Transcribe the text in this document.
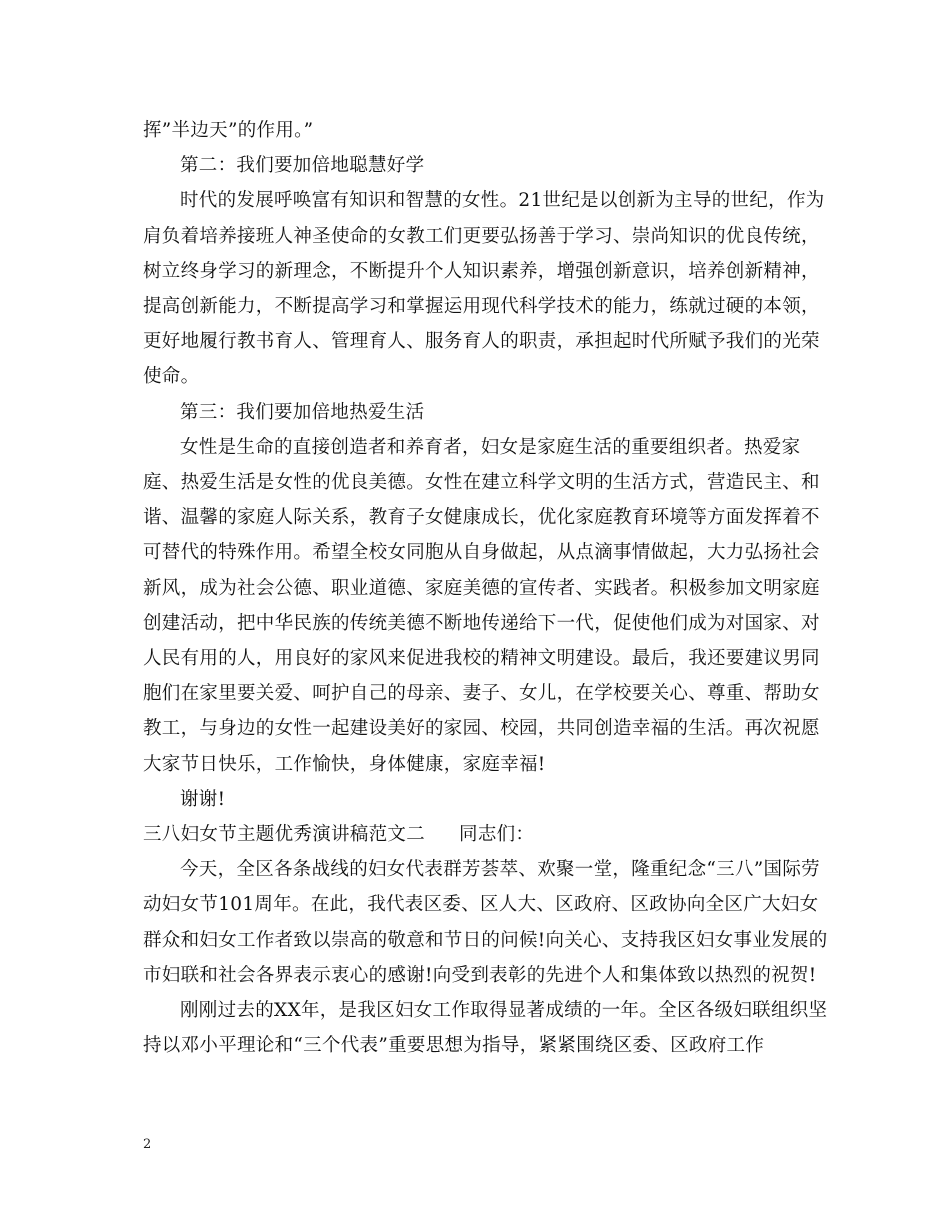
挥”半边天”的作用。”

第二：我们要加倍地聪慧好学

时代的发展呼唤富有知识和智慧的女性。21世纪是以创新为主导的世纪，作为肩负着培养接班人神圣使命的女教工们更要弘扬善于学习、崇尚知识的优良传统，树立终身学习的新理念，不断提升个人知识素养，增强创新意识，培养创新精神，提高创新能力，不断提高学习和掌握运用现代科学技术的能力，练就过硬的本领，更好地履行教书育人、管理育人、服务育人的职责，承担起时代所赋予我们的光荣使命。

第三：我们要加倍地热爱生活

女性是生命的直接创造者和养育者，妇女是家庭生活的重要组织者。热爱家庭、热爱生活是女性的优良美德。女性在建立科学文明的生活方式，营造民主、和谐、温馨的家庭人际关系，教育子女健康成长，优化家庭教育环境等方面发挥着不可替代的特殊作用。希望全校女同胞从自身做起，从点滴事情做起，大力弘扬社会新风，成为社会公德、职业道德、家庭美德的宣传者、实践者。积极参加文明家庭创建活动，把中华民族的传统美德不断地传递给下一代，促使他们成为对国家、对人民有用的人，用良好的家风来促进我校的精神文明建设。最后，我还要建议男同胞们在家里要关爱、呵护自己的母亲、妻子、女儿，在学校要关心、尊重、帮助女教工，与身边的女性一起建设美好的家园、校园，共同创造幸福的生活。再次祝愿大家节日快乐，工作愉快，身体健康，家庭幸福!

谢谢!

三八妇女节主题优秀演讲稿范文二 同志们：

今天，全区各条战线的妇女代表群芳荟萃、欢聚一堂，隆重纪念“三八”国际劳动妇女节101周年。在此，我代表区委、区人大、区政府、区政协向全区广大妇女群众和妇女工作者致以崇高的敬意和节日的问候!向关心、支持我区妇女事业发展的市妇联和社会各界表示衷心的感谢!向受到表彰的先进个人和集体致以热烈的祝贺!

刚刚过去的XX年，是我区妇女工作取得显著成绩的一年。全区各级妇联组织坚持以邓小平理论和“三个代表”重要思想为指导，紧紧围绕区委、区政府工作

2
